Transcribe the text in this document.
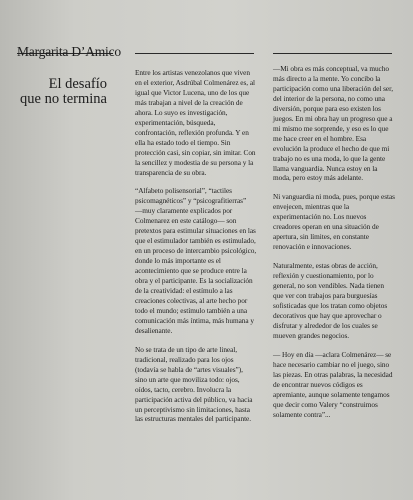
Margarita D’Amico
El desafío
que no termina

Entre los artistas venezolanos que viven
en el exterior, Asdrúbal Colmenárez es, al
igual que Victor Lucena, uno de los que
más trabajan a nivel de la creación de
ahora. Lo suyo es investigación,
experimentación, búsqueda,
confrontación, reflexión profunda. Y en
ella ha estado todo el tiempo. Sin
protección casi, sin copiar, sin imitar. Con
la sencillez y modestia de su persona y la
transparencia de su obra.

“Alfabeto polisensorial”, “tactiles
psicomagnéticos” y “psicografitierras”
—muy claramente explicados por
Colmenarez en este catálogo— son
pretextos para estimular situaciones en las
que el estimulador también es estimulado,
en un proceso de intercambio psicológico,
donde lo más importante es el
acontecimiento que se produce entre la
obra y el participante. Es la socialización
de la creatividad: el estímulo a las
creaciones colectivas, al arte hecho por
todo el mundo; estímulo también a una
comunicación más íntima, más humana y
desalienante.

No se trata de un tipo de arte lineal,
tradicional, realizado para los ojos
(todavía se habla de “artes visuales”),
sino un arte que moviliza todo: ojos,
oídos, tacto, cerebro. Involucra la
participación activa del público, va hacia
un perceptivismo sin limitaciones, hasta
las estructuras mentales del participante.

—Mi obra es más conceptual, va mucho
más directo a la mente. Yo concibo la
participación como una liberación del ser,
del interior de la persona, no como una
diversión, porque para eso existen los
juegos. En mi obra hay un progreso que a
mi mismo me sorprende, y eso es lo que
me hace creer en el hombre. Esa
evolución la produce el hecho de que mi
trabajo no es una moda, lo que la gente
llama vanguardia. Nunca estoy en la
moda, pero estoy más adelante.

Ni vanguardia ni moda, pues, porque estas
envejecen, mientras que la
experimentación no. Los nuevos
creadores operan en una situación de
apertura, sin límites, en constante
renovación e innovaciones.

Naturalmente, estas obras de acción,
reflexión y cuestionamiento, por lo
general, no son vendibles. Nada tienen
que ver con trabajos para burguesías
sofisticadas que los tratan como objetos
decorativos que hay que aprovechar o
disfrutar y alrededor de los cuales se
mueven grandes negocios.

— Hoy en día —aclara Colmenárez— se
hace necesario cambiar no el juego, sino
las piezas. En otras palabras, la necesidad
de encontrar nuevos códigos es
apremiante, aunque solamente tengamos
que decir como Valery “construimos
solamente contra”...
